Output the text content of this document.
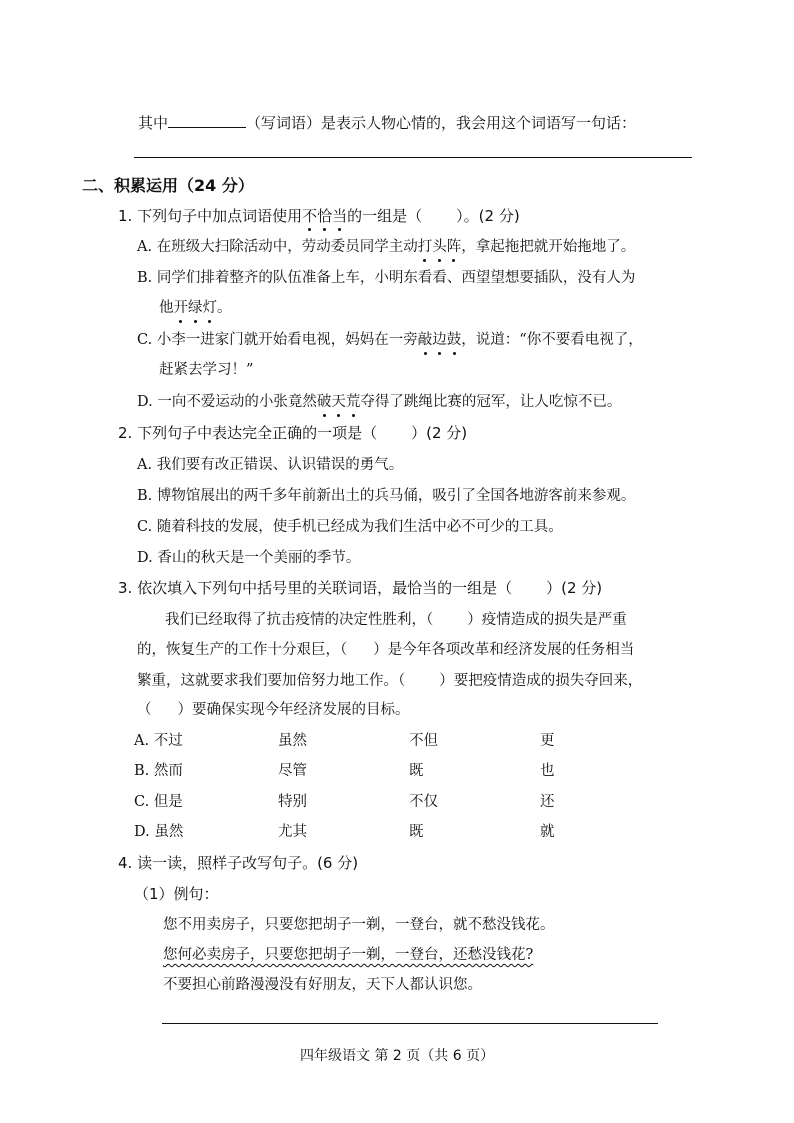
其中	（写词语）是表示人物心情的，我会用这个词语写一句话：
二、积累运用（24 分）
1. 下列句子中加点词语使用不恰当的一组是（ ）。(2 分)
A. 在班级大扫除活动中，劳动委员同学主动打头阵，拿起拖把就开始拖地了。
B. 同学们排着整齐的队伍准备上车，小明东看看、西望望想要插队，没有人为
他开绿灯。
C. 小李一进家门就开始看电视，妈妈在一旁敲边鼓，说道：“你不要看电视了，
赶紧去学习！”
D. 一向不爱运动的小张竟然破天荒夺得了跳绳比赛的冠军，让人吃惊不已。
2. 下列句子中表达完全正确的一项是（ ）(2 分)
A. 我们要有改正错误、认识错误的勇气。
B. 博物馆展出的两千多年前新出土的兵马俑，吸引了全国各地游客前来参观。
C. 随着科技的发展，使手机已经成为我们生活中必不可少的工具。
D. 香山的秋天是一个美丽的季节。
3. 依次填入下列句中括号里的关联词语，最恰当的一组是（ ）(2 分)
我们已经取得了抗击疫情的决定性胜利，（ ）疫情造成的损失是严重
的，恢复生产的工作十分艰巨，（ ）是今年各项改革和经济发展的任务相当
繁重，这就要求我们要加倍努力地工作。（ ）要把疫情造成的损失夺回来，
（ ）要确保实现今年经济发展的目标。
A. 不过	虽然	不但	更
B. 然而	尽管	既	也
C. 但是	特别	不仅	还
D. 虽然	尤其	既	就
4. 读一读，照样子改写句子。(6 分)
（1）例句：
您不用卖房子，只要您把胡子一剃，一登台，就不愁没钱花。
您何必卖房子，只要您把胡子一剃，一登台，还愁没钱花?
不要担心前路漫漫没有好朋友，天下人都认识您。
四年级语文 第 2 页（共 6 页）
